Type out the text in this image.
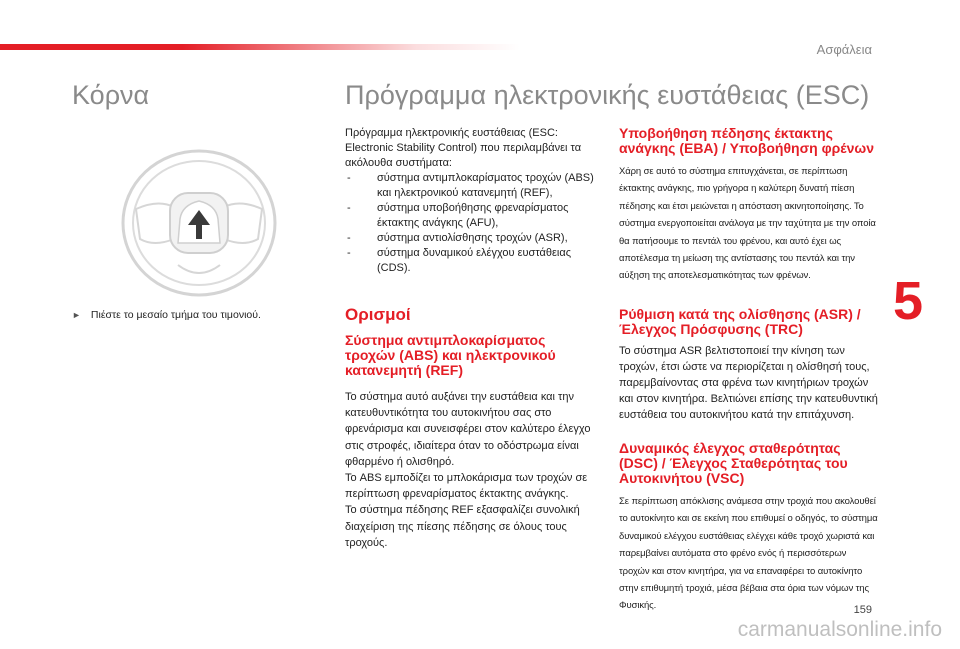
Ασφάλεια
Κόρνα	Πρόγραμμα ηλεκτρονικής ευστάθειας (ESC)
► Πιέστε το μεσαίο τμήμα του τιμονιού.

Πρόγραμμα ηλεκτρονικής ευστάθειας (ESC: Electronic Stability Control) που περιλαμβάνει τα ακόλουθα συστήματα:

- σύστημα αντιμπλοκαρίσματος τροχών (ABS) και ηλεκτρονικού κατανεμητή (REF),
- σύστημα υποβοήθησης φρεναρίσματος έκτακτης ανάγκης (AFU),
- σύστημα αντιολίσθησης τροχών (ASR),
- σύστημα δυναμικού ελέγχου ευστάθειας (CDS).
Ορισμοί
Σύστημα αντιμπλοκαρίσματος τροχών (ABS) και ηλεκτρονικού κατανεμητή (REF)

Το σύστημα αυτό αυξάνει την ευστάθεια και την κατευθυντικότητα του αυτοκινήτου σας στο φρενάρισμα και συνεισφέρει στον καλύτερο έλεγχο στις στροφές, ιδιαίτερα όταν το οδόστρωμα είναι φθαρμένο ή ολισθηρό.

Το ABS εμποδίζει το μπλοκάρισμα των τροχών σε περίπτωση φρεναρίσματος έκτακτης ανάγκης.

Το σύστημα πέδησης REF εξασφαλίζει συνολική διαχείριση της πίεσης πέδησης σε όλους τους τροχούς.

Υποβοήθηση πέδησης έκτακτης ανάγκης (EBA) / Υποβοήθηση φρένων

Χάρη σε αυτό το σύστημα επιτυγχάνεται, σε περίπτωση έκτακτης ανάγκης, πιο γρήγορα η καλύτερη δυνατή πίεση πέδησης και έτσι μειώνεται η απόσταση ακινητοποίησης. Το σύστημα ενεργοποιείται ανάλογα με την ταχύτητα με την οποία θα πατήσουμε το πεντάλ του φρένου, και αυτό έχει ως αποτέλεσμα τη μείωση της αντίστασης του πεντάλ και την αύξηση της αποτελεσματικότητας των φρένων.

Ρύθμιση κατά της ολίσθησης (ASR) / Έλεγχος Πρόσφυσης (TRC)

Το σύστημα ASR βελτιστοποιεί την κίνηση των τροχών, έτσι ώστε να περιορίζεται η ολίσθησή τους, παρεμβαίνοντας στα φρένα των κινητήριων τροχών και στον κινητήρα. Βελτιώνει επίσης την κατευθυντική ευστάθεια του αυτοκινήτου κατά την επιτάχυνση.

Δυναμικός έλεγχος σταθερότητας (DSC) / Έλεγχος Σταθερότητας του Αυτοκινήτου (VSC)

Σε περίπτωση απόκλισης ανάμεσα στην τροχιά που ακολουθεί το αυτοκίνητο και σε εκείνη που επιθυμεί ο οδηγός, το σύστημα δυναμικού ελέγχου ευστάθειας ελέγχει κάθε τροχό χωριστά και παρεμβαίνει αυτόματα στο φρένο ενός ή περισσότερων τροχών και στον κινητήρα, για να επαναφέρει το αυτοκίνητο στην επιθυμητή τροχιά, μέσα βέβαια στα όρια των νόμων της Φυσικής.

5
159
carmanualsonline.info
